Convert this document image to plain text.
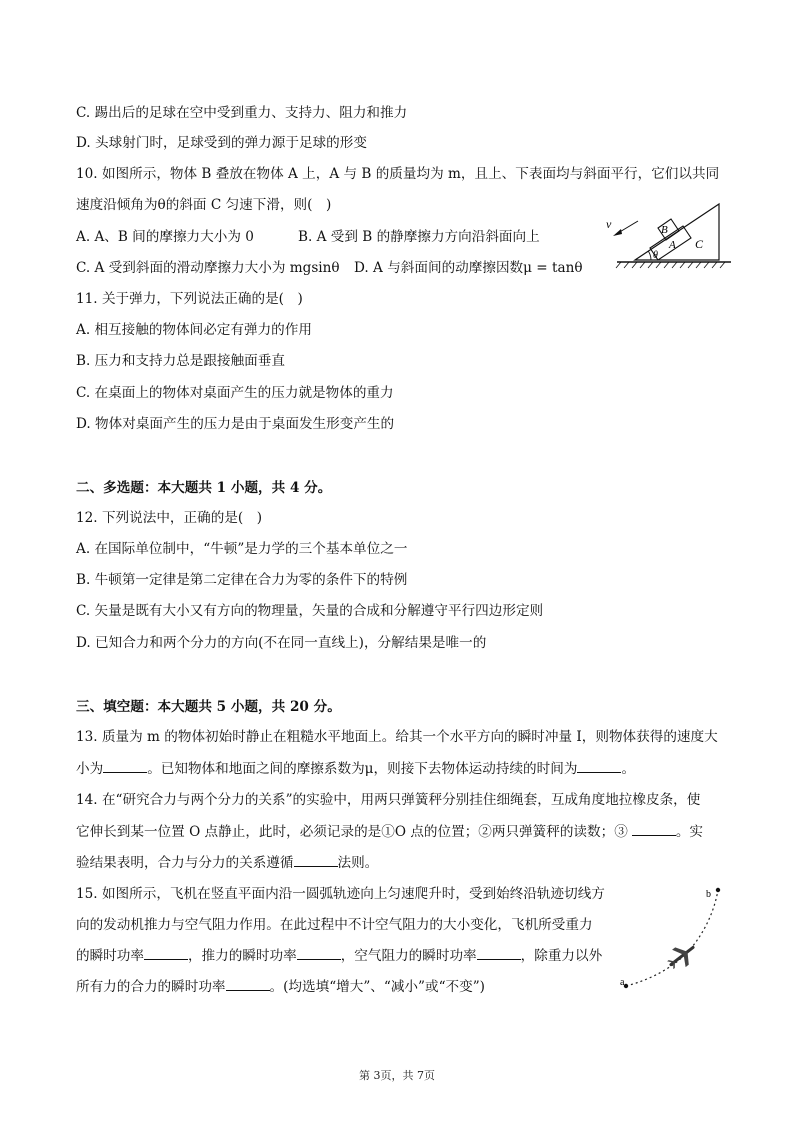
C. 踢出后的足球在空中受到重力、支持力、阻力和推力
D. 头球射门时，足球受到的弹力源于足球的形变
10. 如图所示，物体 B 叠放在物体 A 上，A 与 B 的质量均为 m，且上、下表面均与斜面平行，它们以共同
速度沿倾角为θ的斜面 C 匀速下滑，则(　)
A. A、B 间的摩擦力大小为 0	B. A 受到 B 的静摩擦力方向沿斜面向上
C. A 受到斜面的滑动摩擦力大小为 mgsinθ D. A 与斜面间的动摩擦因数μ = tanθ
v	B
A C
θ
11. 关于弹力，下列说法正确的是(　)
A. 相互接触的物体间必定有弹力的作用
B. 压力和支持力总是跟接触面垂直
C. 在桌面上的物体对桌面产生的压力就是物体的重力
D. 物体对桌面产生的压力是由于桌面发生形变产生的
二、多选题：本大题共 1 小题，共 4 分。
12. 下列说法中，正确的是(　)
A. 在国际单位制中，“牛顿”是力学的三个基本单位之一
B. 牛顿第一定律是第二定律在合力为零的条件下的特例
C. 矢量是既有大小又有方向的物理量，矢量的合成和分解遵守平行四边形定则
D. 已知合力和两个分力的方向(不在同一直线上)，分解结果是唯一的
三、填空题：本大题共 5 小题，共 20 分。
13. 质量为 m 的物体初始时静止在粗糙水平地面上。给其一个水平方向的瞬时冲量 I，则物体获得的速度大
小为	。已知物体和地面之间的摩擦系数为μ，则接下去物体运动持续的时间为	。
14. 在“研究合力与两个分力的关系”的实验中，用两只弹簧秤分别挂住细绳套，互成角度地拉橡皮条，使
它伸长到某一位置 O 点静止，此时，必须记录的是①O 点的位置；②两只弹簧秤的读数；③	。实
验结果表明，合力与分力的关系遵循	法则。
15. 如图所示，飞机在竖直平面内沿一圆弧轨迹向上匀速爬升时，受到始终沿轨迹切线方
向的发动机推力与空气阻力作用。在此过程中不计空气阻力的大小变化，飞机所受重力
的瞬时功率	，推力的瞬时功率	，空气阻力的瞬时功率	，除重力以外
所有力的合力的瞬时功率	。(均选填“增大”、“减小”或“不变”)	a
b
第 3页，共 7页
